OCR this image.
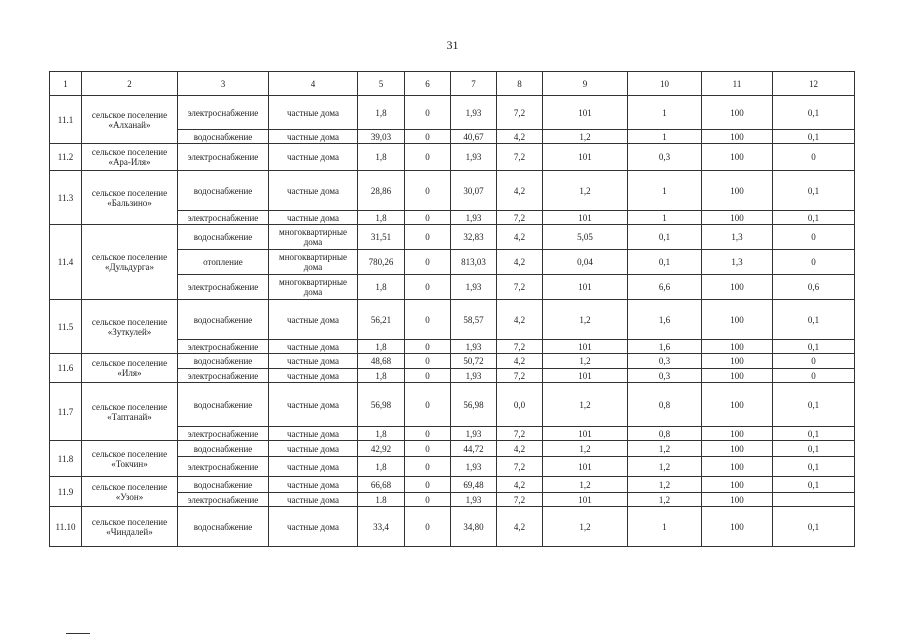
31
1	2	3	4	5	6	7	8	9	10	11	12
11.1	сельское поселение «Алханай»	электроснабжение	частные дома	1,8	0	1,93	7,2	101	1	100	0,1
		водоснабжение	частные дома	39,03	0	40,67	4,2	1,2	1	100	0,1
11.2	сельское поселение «Ара-Иля»	электроснабжение	частные дома	1,8	0	1,93	7,2	101	0,3	100	0
11.3	сельское поселение «Бальзино»	водоснабжение	частные дома	28,86	0	30,07	4,2	1,2	1	100	0,1
		электроснабжение	частные дома	1,8	0	1,93	7,2	101	1	100	0,1
11.4	сельское поселение «Дульдурга»	водоснабжение	многоквартирные дома	31,51	0	32,83	4,2	5,05	0,1	1,3	0
		отопление	многоквартирные дома	780,26	0	813,03	4,2	0,04	0,1	1,3	0
		электроснабжение	многоквартирные дома	1,8	0	1,93	7,2	101	6,6	100	0,6
11.5	сельское поселение «Зуткулей»	водоснабжение	частные дома	56,21	0	58,57	4,2	1,2	1,6	100	0,1
		электроснабжение	частные дома	1,8	0	1,93	7,2	101	1,6	100	0,1
11.6	сельское поселение «Иля»	водоснабжение	частные дома	48,68	0	50,72	4,2	1,2	0,3	100	0
		электроснабжение	частные дома	1,8	0	1,93	7,2	101	0,3	100	0
11.7	сельское поселение «Таптанай»	водоснабжение	частные дома	56,98	0	56,98	0,0	1,2	0,8	100	0,1
		электроснабжение	частные дома	1,8	0	1,93	7,2	101	0,8	100	0,1
11.8	сельское поселение «Токчин»	водоснабжение	частные дома	42,92	0	44,72	4,2	1,2	1,2	100	0,1
		электроснабжение	частные дома	1,8	0	1,93	7,2	101	1,2	100	0,1
11.9	сельское поселение «Узон»	водоснабжение	частные дома	66,68	0	69,48	4,2	1,2	1,2	100	0,1
		электроснабжение	частные дома	1.8	0	1,93	7,2	101	1,2	100	
11.10	сельское поселение «Чиндалей»	водоснабжение	частные дома	33,4	0	34,80	4,2	1,2	1	100	0,1
